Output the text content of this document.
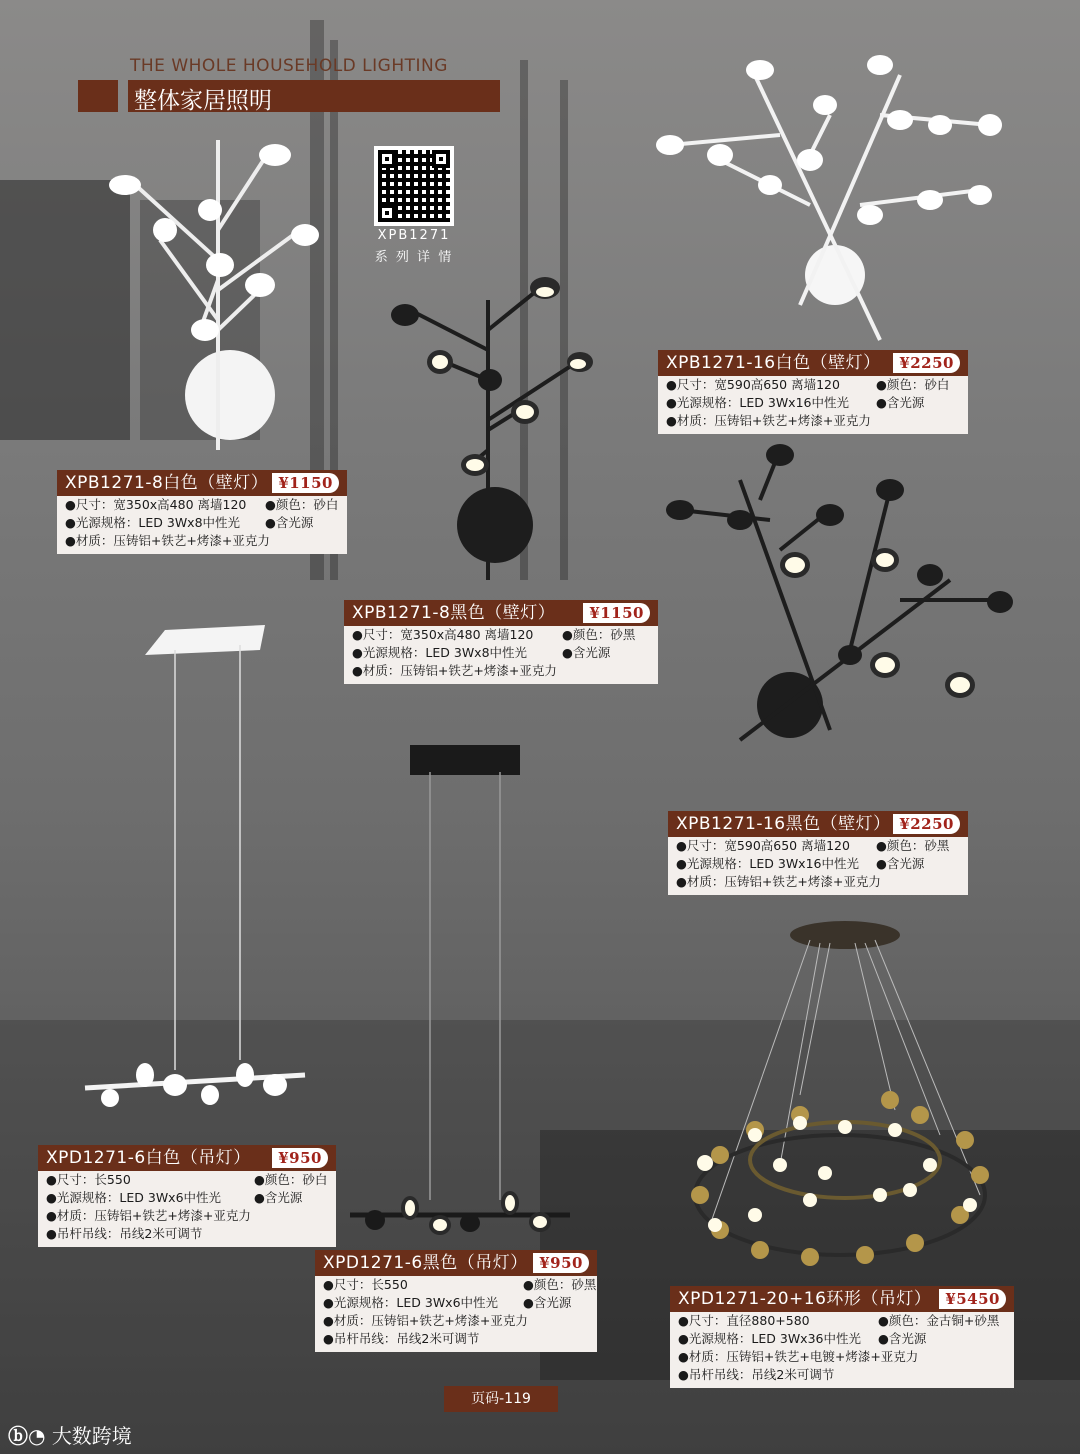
THE WHOLE HOUSEHOLD LIGHTING
整体家居照明
XPB1271
系 列 详 情
XPB1271-8白色（壁灯） ¥1150
●尺寸：宽350x高480 离墙120	●颜色：砂白
●光源规格：LED 3Wx8中性光	●含光源
●材质：压铸铝+铁艺+烤漆+亚克力
XPB1271-8黑色（壁灯）	¥1150
●尺寸：宽350x高480 离墙120	●颜色：砂黑
●光源规格：LED 3Wx8中性光	●含光源
●材质：压铸铝+铁艺+烤漆+亚克力
XPB1271-16白色（壁灯）	¥2250
●尺寸：宽590高650 离墙120	●颜色：砂白
●光源规格：LED 3Wx16中性光	●含光源
●材质：压铸铝+铁艺+烤漆+亚克力
XPB1271-16黑色（壁灯） ¥2250
●尺寸：宽590高650 离墙120	●颜色：砂黑
●光源规格：LED 3Wx16中性光	●含光源
●材质：压铸铝+铁艺+烤漆+亚克力
XPD1271-6白色（吊灯）	¥950
●尺寸：长550	●颜色：砂白
●光源规格：LED 3Wx6中性光	●含光源
●材质：压铸铝+铁艺+烤漆+亚克力
●吊杆吊线：吊线2米可调节
XPD1271-6黑色（吊灯） ¥950
●尺寸：长550	●颜色：砂黑
●光源规格：LED 3Wx6中性光	●含光源
●材质：压铸铝+铁艺+烤漆+亚克力
●吊杆吊线：吊线2米可调节
XPD1271-20+16环形（吊灯） ¥5450
●尺寸：直径880+580	●颜色：金古铜+砂黑
●光源规格：LED 3Wx36中性光	●含光源
●材质：压铸铝+铁艺+电镀+烤漆+亚克力
●吊杆吊线：吊线2米可调节
页码-119
ⓑ◔ 大数跨境
